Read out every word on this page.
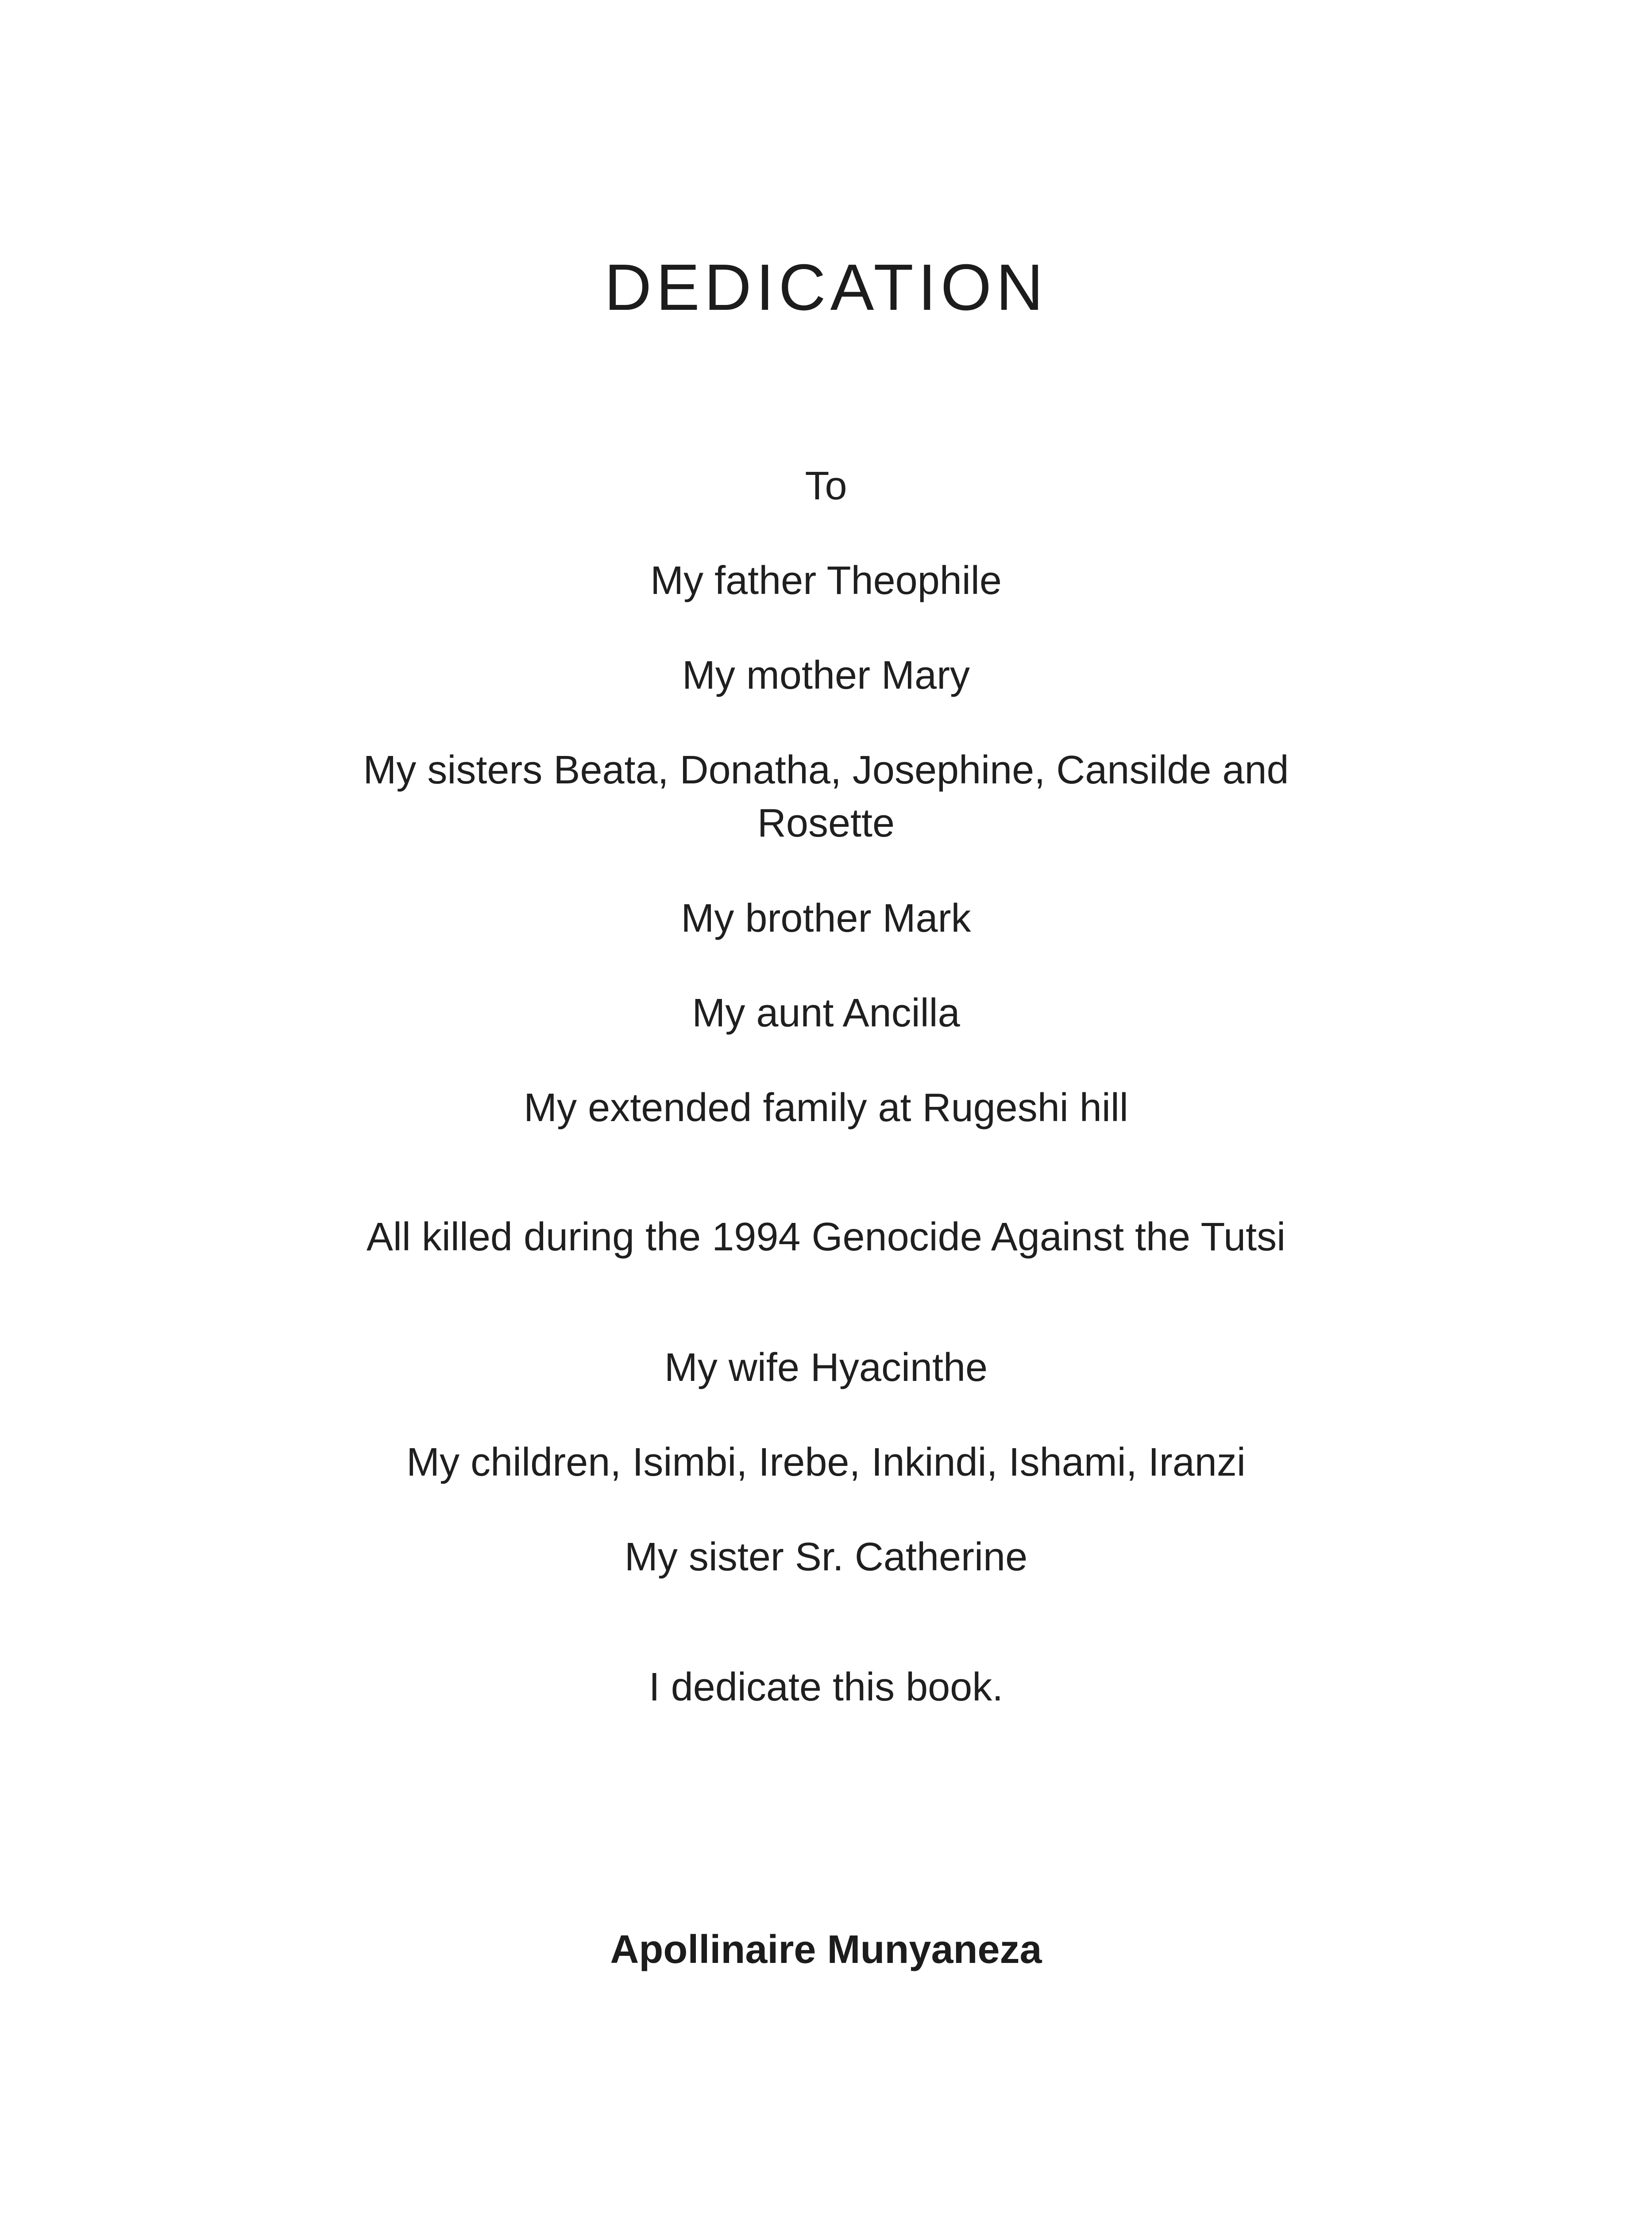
DEDICATION
To
My father Theophile
My mother Mary
My sisters Beata, Donatha, Josephine, Cansilde and Rosette
My brother Mark
My aunt Ancilla
My extended family at Rugeshi hill
All killed during the 1994 Genocide Against the Tutsi
My wife Hyacinthe
My children, Isimbi, Irebe, Inkindi, Ishami, Iranzi
My sister Sr. Catherine
I dedicate this book.
Apollinaire Munyaneza
